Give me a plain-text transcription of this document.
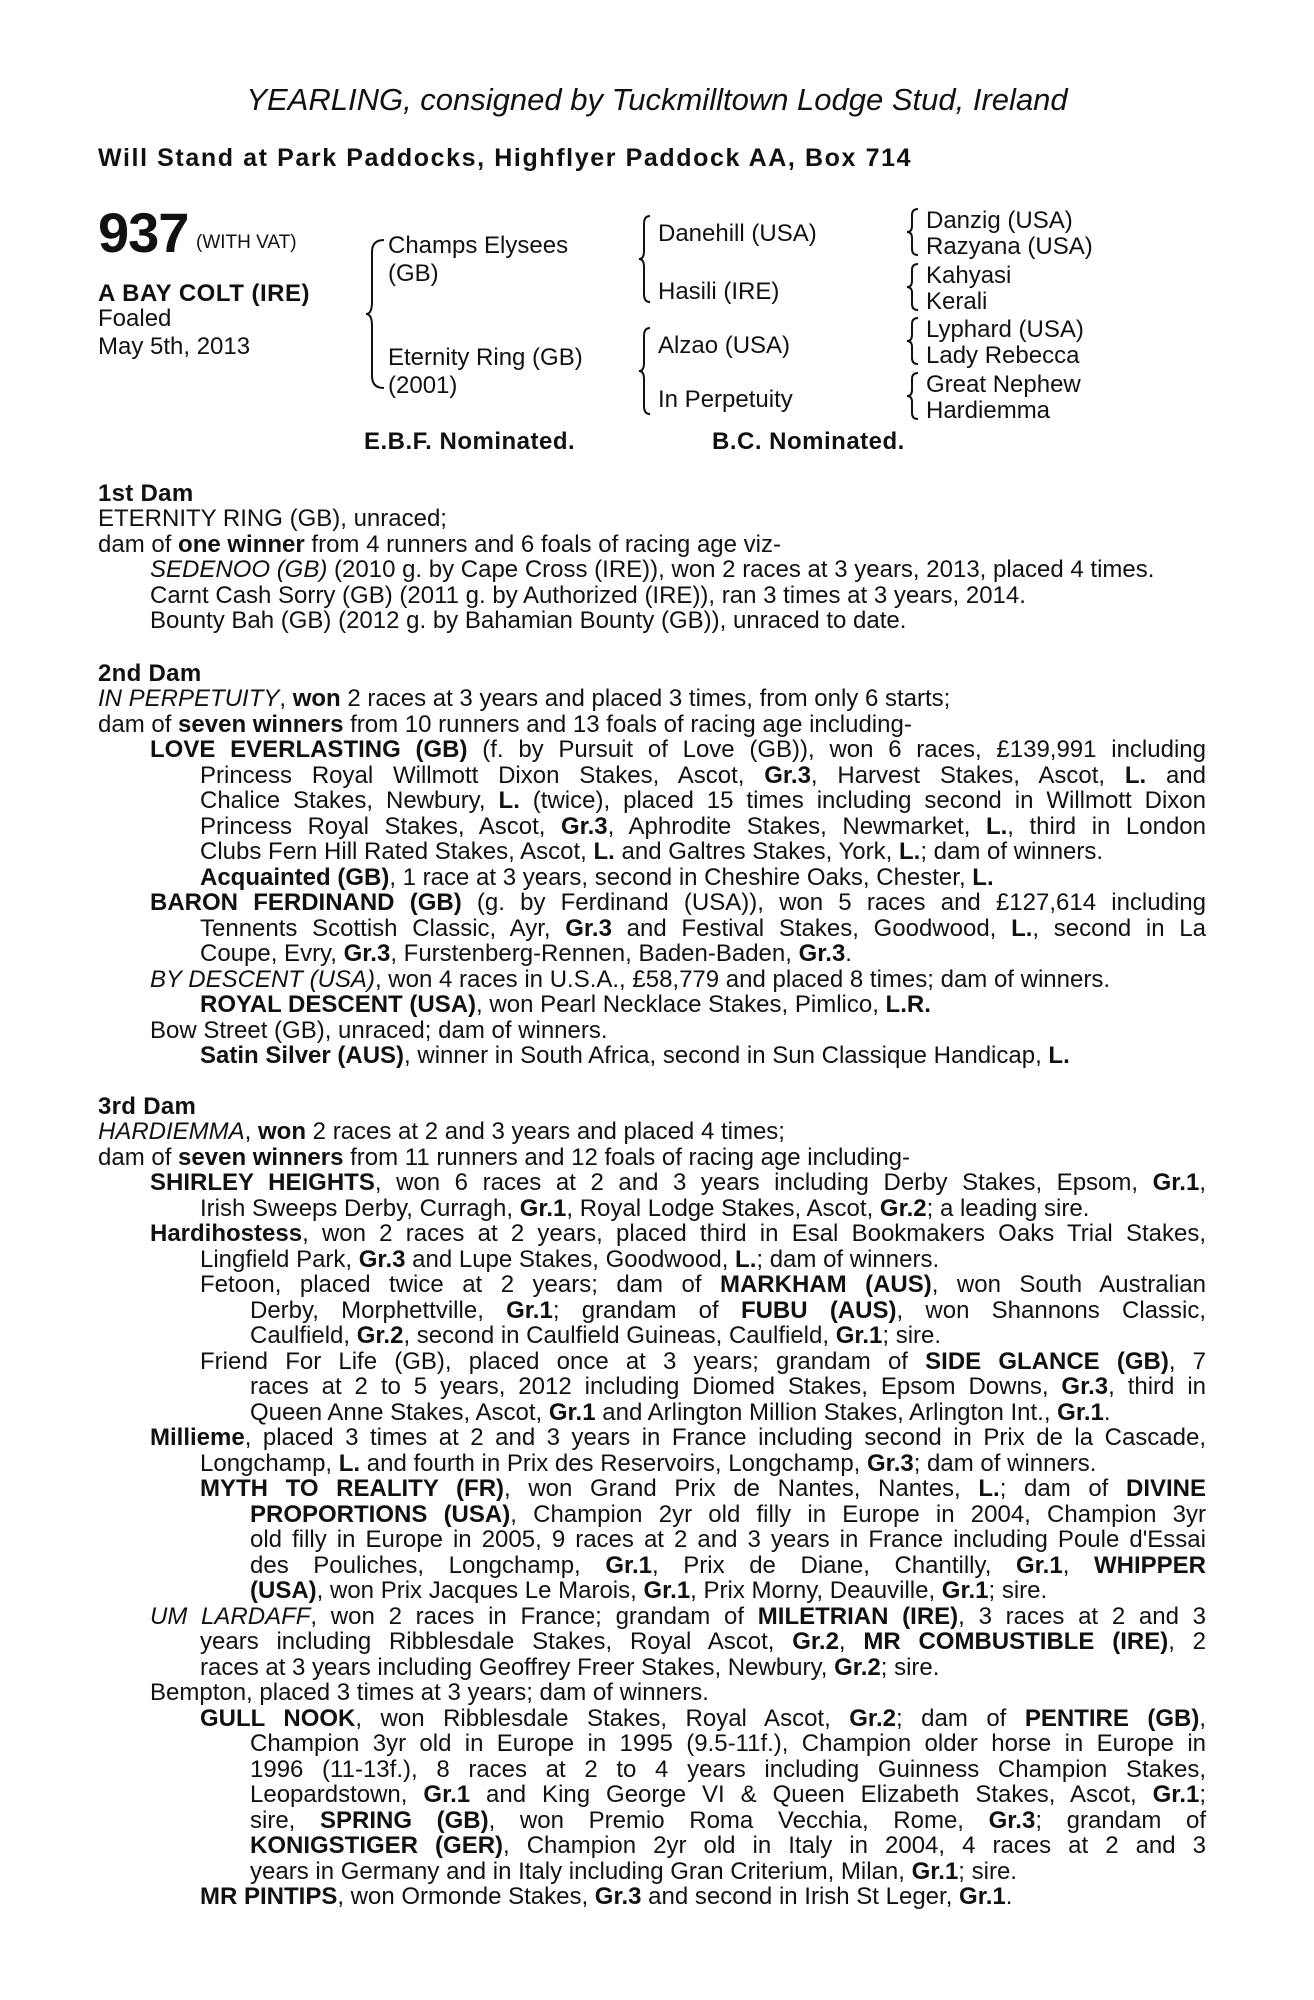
YEARLING, consigned by Tuckmilltown Lodge Stud, Ireland
Will Stand at Park Paddocks, Highflyer Paddock AA, Box 714
937 (WITH VAT)
A BAY COLT (IRE)
Foaled
May 5th, 2013
Champs Elysees
(GB)
Eternity Ring (GB)
(2001)
Danehill (USA)
Hasili (IRE)
Alzao (USA)
In Perpetuity
Danzig (USA)
Razyana (USA)
Kahyasi
Kerali
Lyphard (USA)
Lady Rebecca
Great Nephew
Hardiemma
E.B.F. Nominated.	B.C. Nominated.
1st Dam
ETERNITY RING (GB), unraced;
dam of one winner from 4 runners and 6 foals of racing age viz-
SEDENOO (GB) (2010 g. by Cape Cross (IRE)), won 2 races at 3 years, 2013, placed 4 times.
Carnt Cash Sorry (GB) (2011 g. by Authorized (IRE)), ran 3 times at 3 years, 2014.
Bounty Bah (GB) (2012 g. by Bahamian Bounty (GB)), unraced to date.
2nd Dam
IN PERPETUITY, won 2 races at 3 years and placed 3 times, from only 6 starts;
dam of seven winners from 10 runners and 13 foals of racing age including-
LOVE EVERLASTING (GB) (f. by Pursuit of Love (GB)), won 6 races, £139,991 including
Princess Royal Willmott Dixon Stakes, Ascot, Gr.3, Harvest Stakes, Ascot, L. and
Chalice Stakes, Newbury, L. (twice), placed 15 times including second in Willmott Dixon
Princess Royal Stakes, Ascot, Gr.3, Aphrodite Stakes, Newmarket, L., third in London
Clubs Fern Hill Rated Stakes, Ascot, L. and Galtres Stakes, York, L.; dam of winners.
Acquainted (GB), 1 race at 3 years, second in Cheshire Oaks, Chester, L.
BARON FERDINAND (GB) (g. by Ferdinand (USA)), won 5 races and £127,614 including
Tennents Scottish Classic, Ayr, Gr.3 and Festival Stakes, Goodwood, L., second in La
Coupe, Evry, Gr.3, Furstenberg-Rennen, Baden-Baden, Gr.3.
BY DESCENT (USA), won 4 races in U.S.A., £58,779 and placed 8 times; dam of winners.
ROYAL DESCENT (USA), won Pearl Necklace Stakes, Pimlico, L.R.
Bow Street (GB), unraced; dam of winners.
Satin Silver (AUS), winner in South Africa, second in Sun Classique Handicap, L.
3rd Dam
HARDIEMMA, won 2 races at 2 and 3 years and placed 4 times;
dam of seven winners from 11 runners and 12 foals of racing age including-
SHIRLEY HEIGHTS, won 6 races at 2 and 3 years including Derby Stakes, Epsom, Gr.1,
Irish Sweeps Derby, Curragh, Gr.1, Royal Lodge Stakes, Ascot, Gr.2; a leading sire.
Hardihostess, won 2 races at 2 years, placed third in Esal Bookmakers Oaks Trial Stakes,
Lingfield Park, Gr.3 and Lupe Stakes, Goodwood, L.; dam of winners.
Fetoon, placed twice at 2 years; dam of MARKHAM (AUS), won South Australian
Derby, Morphettville, Gr.1; grandam of FUBU (AUS), won Shannons Classic,
Caulfield, Gr.2, second in Caulfield Guineas, Caulfield, Gr.1; sire.
Friend For Life (GB), placed once at 3 years; grandam of SIDE GLANCE (GB), 7
races at 2 to 5 years, 2012 including Diomed Stakes, Epsom Downs, Gr.3, third in
Queen Anne Stakes, Ascot, Gr.1 and Arlington Million Stakes, Arlington Int., Gr.1.
Millieme, placed 3 times at 2 and 3 years in France including second in Prix de la Cascade,
Longchamp, L. and fourth in Prix des Reservoirs, Longchamp, Gr.3; dam of winners.
MYTH TO REALITY (FR), won Grand Prix de Nantes, Nantes, L.; dam of DIVINE
PROPORTIONS (USA), Champion 2yr old filly in Europe in 2004, Champion 3yr
old filly in Europe in 2005, 9 races at 2 and 3 years in France including Poule d'Essai
des Pouliches, Longchamp, Gr.1, Prix de Diane, Chantilly, Gr.1, WHIPPER
(USA), won Prix Jacques Le Marois, Gr.1, Prix Morny, Deauville, Gr.1; sire.
UM LARDAFF, won 2 races in France; grandam of MILETRIAN (IRE), 3 races at 2 and 3
years including Ribblesdale Stakes, Royal Ascot, Gr.2, MR COMBUSTIBLE (IRE), 2
races at 3 years including Geoffrey Freer Stakes, Newbury, Gr.2; sire.
Bempton, placed 3 times at 3 years; dam of winners.
GULL NOOK, won Ribblesdale Stakes, Royal Ascot, Gr.2; dam of PENTIRE (GB),
Champion 3yr old in Europe in 1995 (9.5-11f.), Champion older horse in Europe in
1996 (11-13f.), 8 races at 2 to 4 years including Guinness Champion Stakes,
Leopardstown, Gr.1 and King George VI & Queen Elizabeth Stakes, Ascot, Gr.1;
sire, SPRING (GB), won Premio Roma Vecchia, Rome, Gr.3; grandam of
KONIGSTIGER (GER), Champion 2yr old in Italy in 2004, 4 races at 2 and 3
years in Germany and in Italy including Gran Criterium, Milan, Gr.1; sire.
MR PINTIPS, won Ormonde Stakes, Gr.3 and second in Irish St Leger, Gr.1.
